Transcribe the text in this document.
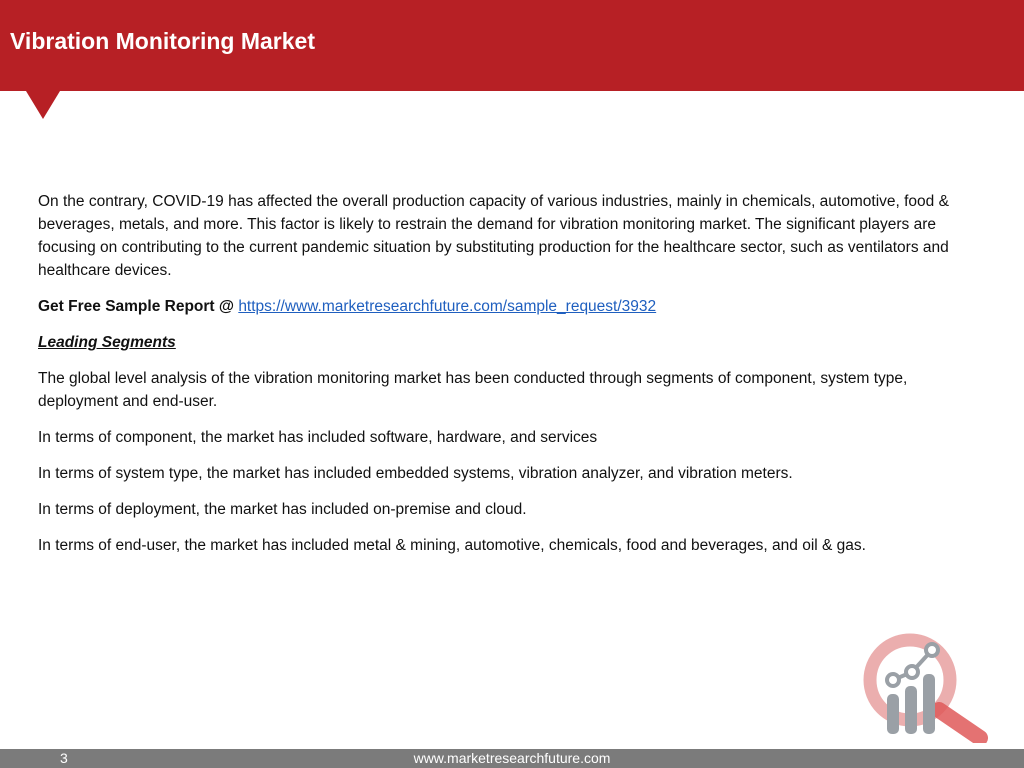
Vibration Monitoring Market

On the contrary, COVID-19 has affected the overall production capacity of various industries, mainly in chemicals, automotive, food & beverages, metals, and more. This factor is likely to restrain the demand for vibration monitoring market. The significant players are focusing on contributing to the current pandemic situation by substituting production for the healthcare sector, such as ventilators and healthcare devices.

Get Free Sample Report @ https://www.marketresearchfuture.com/sample_request/3932

Leading Segments

The global level analysis of the vibration monitoring market has been conducted through segments of component, system type, deployment and end-user.

In terms of component, the market has included software, hardware, and services

In terms of system type, the market has included embedded systems, vibration analyzer, and vibration meters.

In terms of deployment, the market has included on-premise and cloud.

In terms of end-user, the market has included metal & mining, automotive, chemicals, food and beverages, and oil & gas.

3	www.marketresearchfuture.com
